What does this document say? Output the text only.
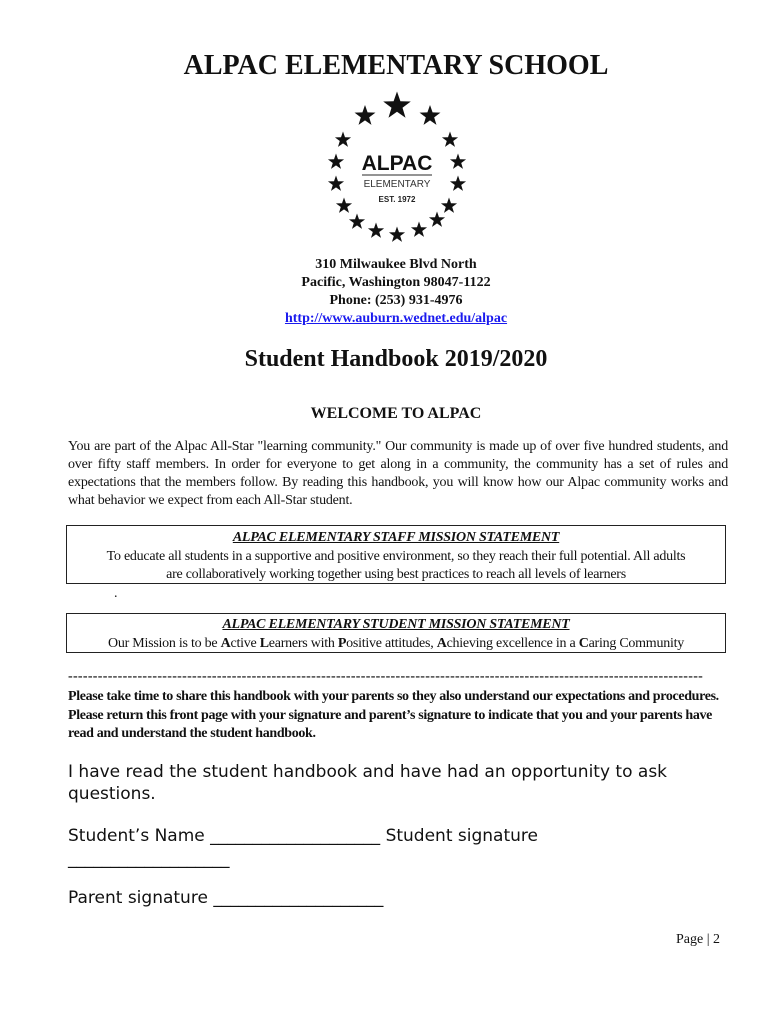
ALPAC ELEMENTARY SCHOOL
ALPAC
ELEMENTARY
EST. 1972
310 Milwaukee Blvd North
Pacific, Washington 98047-1122
Phone: (253) 931-4976
http://www.auburn.wednet.edu/alpac
Student Handbook 2019/2020
WELCOME TO ALPAC
You are part of the Alpac All-Star "learning community." Our community is made up of over five hundred students, and over fifty staff members. In order for everyone to get along in a community, the community has a set of rules and expectations that the members follow. By reading this handbook, you will know how our Alpac community works and what behavior we expect from each All-Star student.
ALPAC ELEMENTARY STAFF MISSION STATEMENT
To educate all students in a supportive and positive environment, so they reach their full potential. All adults
are collaboratively working together using best practices to reach all levels of learners
.
ALPAC ELEMENTARY STUDENT MISSION STATEMENT
Our Mission is to be Active Learners with Positive attitudes, Achieving excellence in a Caring Community
--------------------------------------------------------------------------------------------------------------------------------
Please take time to share this handbook with your parents so they also understand our expectations and procedures. Please return this front page with your signature and parent’s signature to indicate that you and your parents have read and understand the student handbook.
I have read the student handbook and have had an opportunity to ask questions.
Student’s Name ____________________ Student signature
___________________
Parent signature ____________________
Page | 2
